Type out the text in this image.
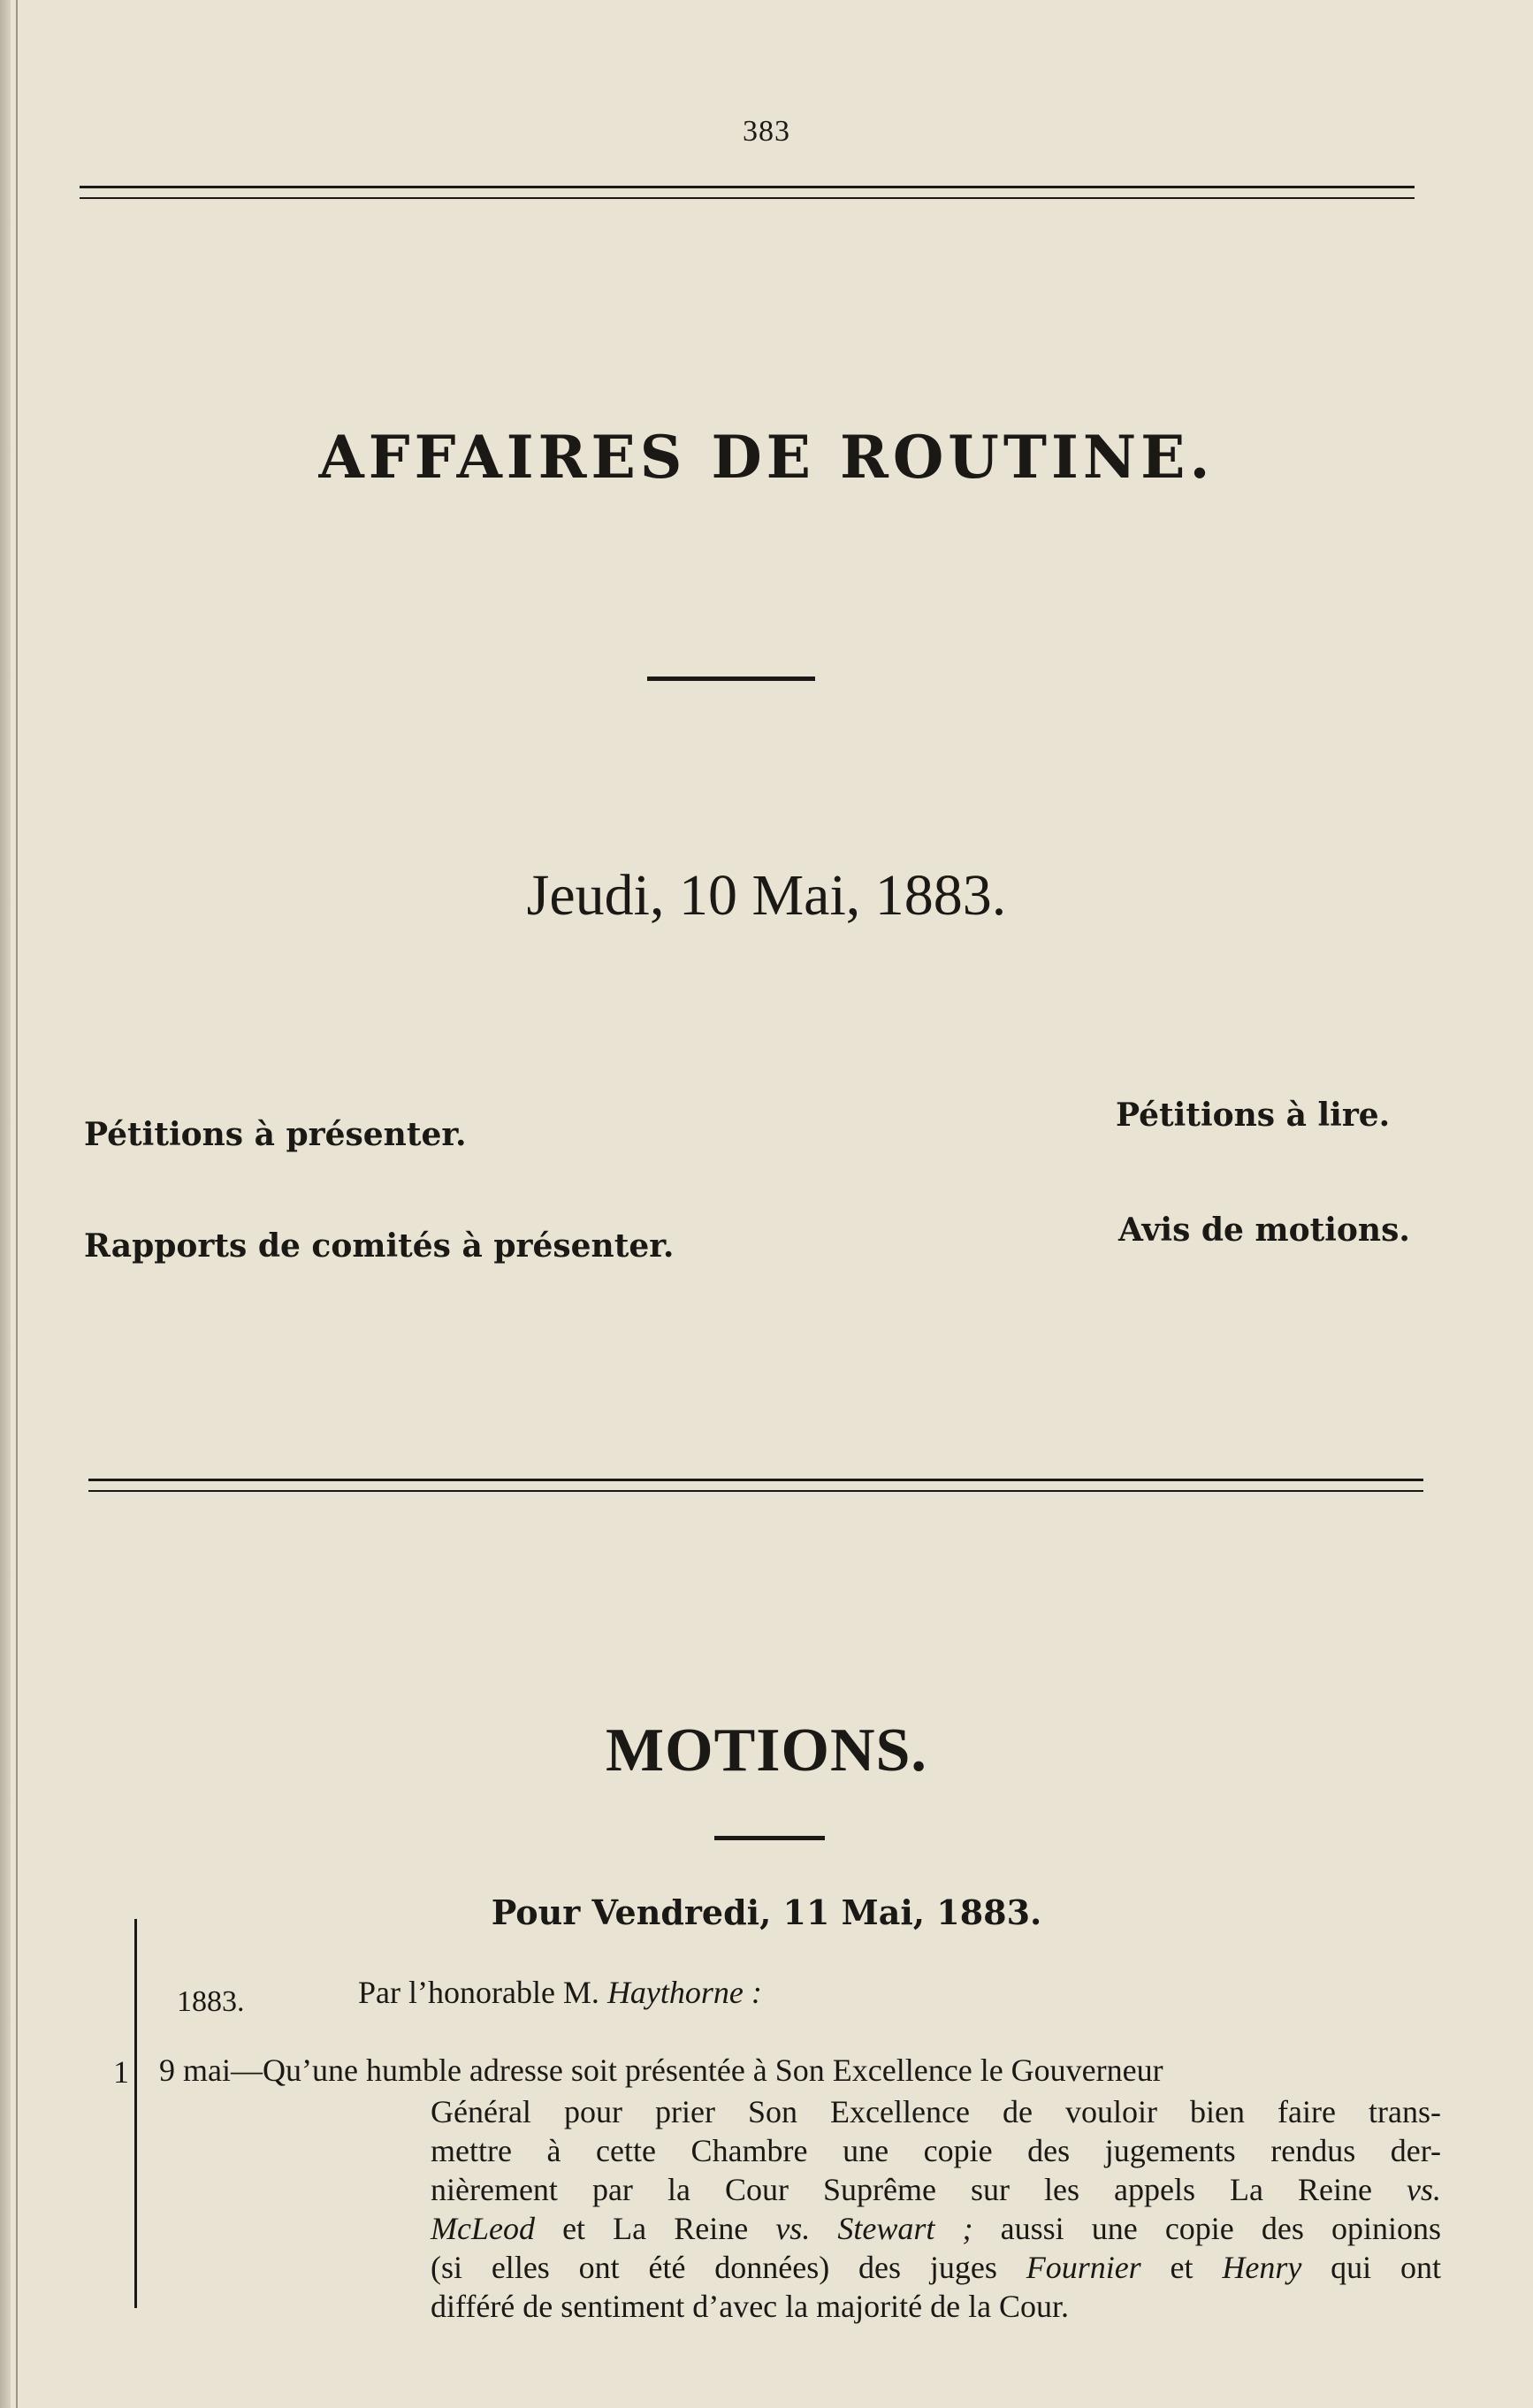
383
AFFAIRES DE ROUTINE.
Jeudi, 10 Mai, 1883.
Pétitions à présenter.
Pétitions à lire.
Rapports de comités à présenter.	Avis de motions.
MOTIONS.
Pour Vendredi, 11 Mai, 1883.
1883.	Par l’honorable M. Haythorne :
1 9 mai—Qu’une humble adresse soit présentée à Son Excellence le Gouverneur
Général pour prier Son Excellence de vouloir bien faire trans-
mettre à cette Chambre une copie des jugements rendus der-
nièrement par la Cour Suprême sur les appels La Reine vs.
McLeod et La Reine vs. Stewart ; aussi une copie des opinions
(si elles ont été données) des juges Fournier et Henry qui ont
différé de sentiment d’avec la majorité de la Cour.
